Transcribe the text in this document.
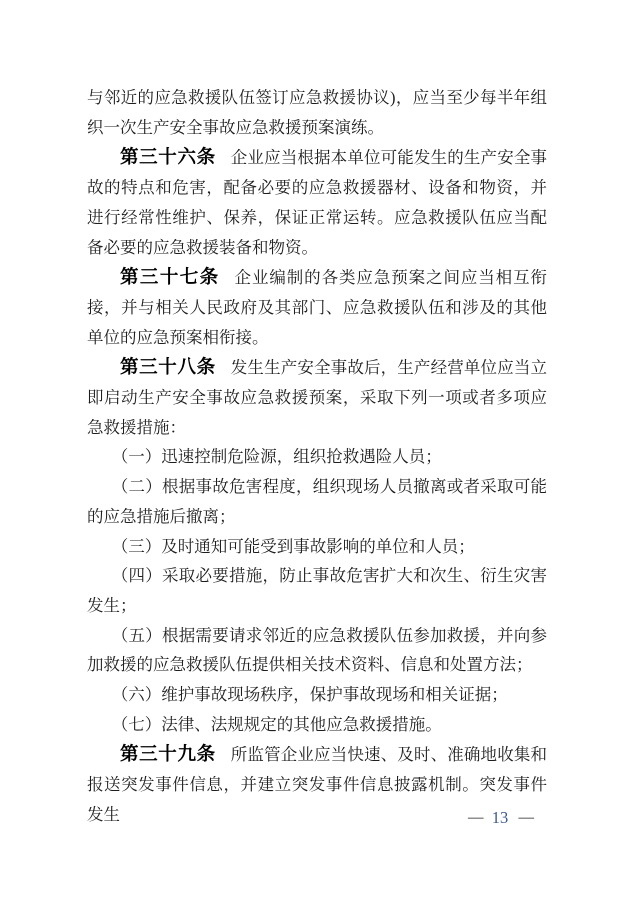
与邻近的应急救援队伍签订应急救援协议)，应当至少每半年组织一次生产安全事故应急救援预案演练。

第三十六条 企业应当根据本单位可能发生的生产安全事故的特点和危害，配备必要的应急救援器材、设备和物资，并进行经常性维护、保养，保证正常运转。应急救援队伍应当配备必要的应急救援装备和物资。

第三十七条 企业编制的各类应急预案之间应当相互衔接，并与相关人民政府及其部门、应急救援队伍和涉及的其他单位的应急预案相衔接。

第三十八条 发生生产安全事故后，生产经营单位应当立即启动生产安全事故应急救援预案，采取下列一项或者多项应急救援措施：

（一）迅速控制危险源，组织抢救遇险人员；

（二）根据事故危害程度，组织现场人员撤离或者采取可能的应急措施后撤离；

（三）及时通知可能受到事故影响的单位和人员；

（四）采取必要措施，防止事故危害扩大和次生、衍生灾害发生；

（五）根据需要请求邻近的应急救援队伍参加救援，并向参加救援的应急救援队伍提供相关技术资料、信息和处置方法；

（六）维护事故现场秩序，保护事故现场和相关证据；

（七）法律、法规规定的其他应急救援措施。

第三十九条 所监管企业应当快速、及时、准确地收集和报送突发事件信息，并建立突发事件信息披露机制。突发事件发生	— 13 —
